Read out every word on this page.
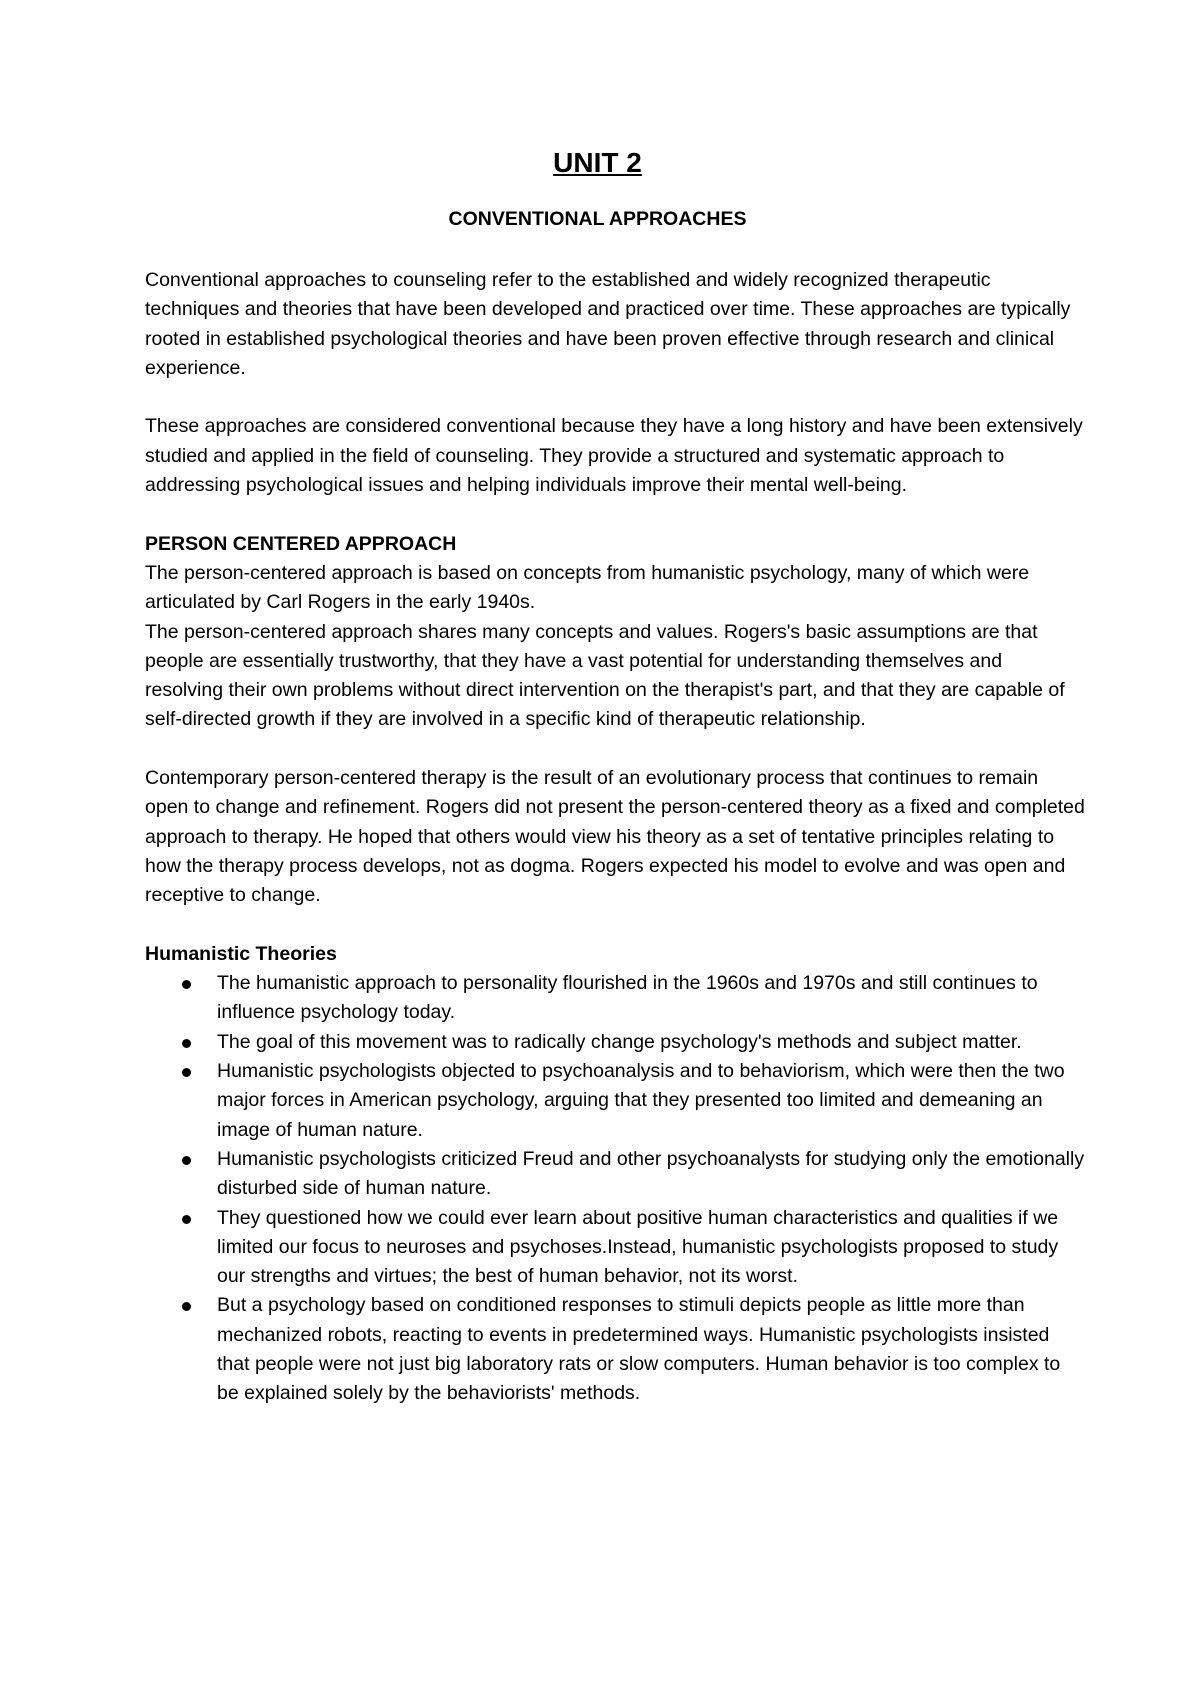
UNIT 2
CONVENTIONAL APPROACHES

Conventional approaches to counseling refer to the established and widely recognized therapeutic techniques and theories that have been developed and practiced over time. These approaches are typically rooted in established psychological theories and have been proven effective through research and clinical experience.

These approaches are considered conventional because they have a long history and have been extensively studied and applied in the field of counseling. They provide a structured and systematic approach to addressing psychological issues and helping individuals improve their mental well-being.

PERSON CENTERED APPROACH

The person-centered approach is based on concepts from humanistic psychology, many of which were articulated by Carl Rogers in the early 1940s.

The person-centered approach shares many concepts and values. Rogers's basic assumptions are that people are essentially trustworthy, that they have a vast potential for understanding themselves and resolving their own problems without direct intervention on the therapist's part, and that they are capable of self-directed growth if they are involved in a specific kind of therapeutic relationship.

Contemporary person-centered therapy is the result of an evolutionary process that continues to remain open to change and refinement. Rogers did not present the person-centered theory as a fixed and completed approach to therapy. He hoped that others would view his theory as a set of tentative principles relating to how the therapy process develops, not as dogma. Rogers expected his model to evolve and was open and receptive to change.

Humanistic Theories
The humanistic approach to personality flourished in the 1960s and 1970s and still continues to influence psychology today.
The goal of this movement was to radically change psychology's methods and subject matter.
Humanistic psychologists objected to psychoanalysis and to behaviorism, which were then the two major forces in American psychology, arguing that they presented too limited and demeaning an image of human nature.
Humanistic psychologists criticized Freud and other psychoanalysts for studying only the emotionally disturbed side of human nature.
They questioned how we could ever learn about positive human characteristics and qualities if we limited our focus to neuroses and psychoses.Instead, humanistic psychologists proposed to study our strengths and virtues; the best of human behavior, not its worst.
But a psychology based on conditioned responses to stimuli depicts people as little more than mechanized robots, reacting to events in predetermined ways. Humanistic psychologists insisted that people were not just big laboratory rats or slow computers. Human behavior is too complex to be explained solely by the behaviorists' methods.
